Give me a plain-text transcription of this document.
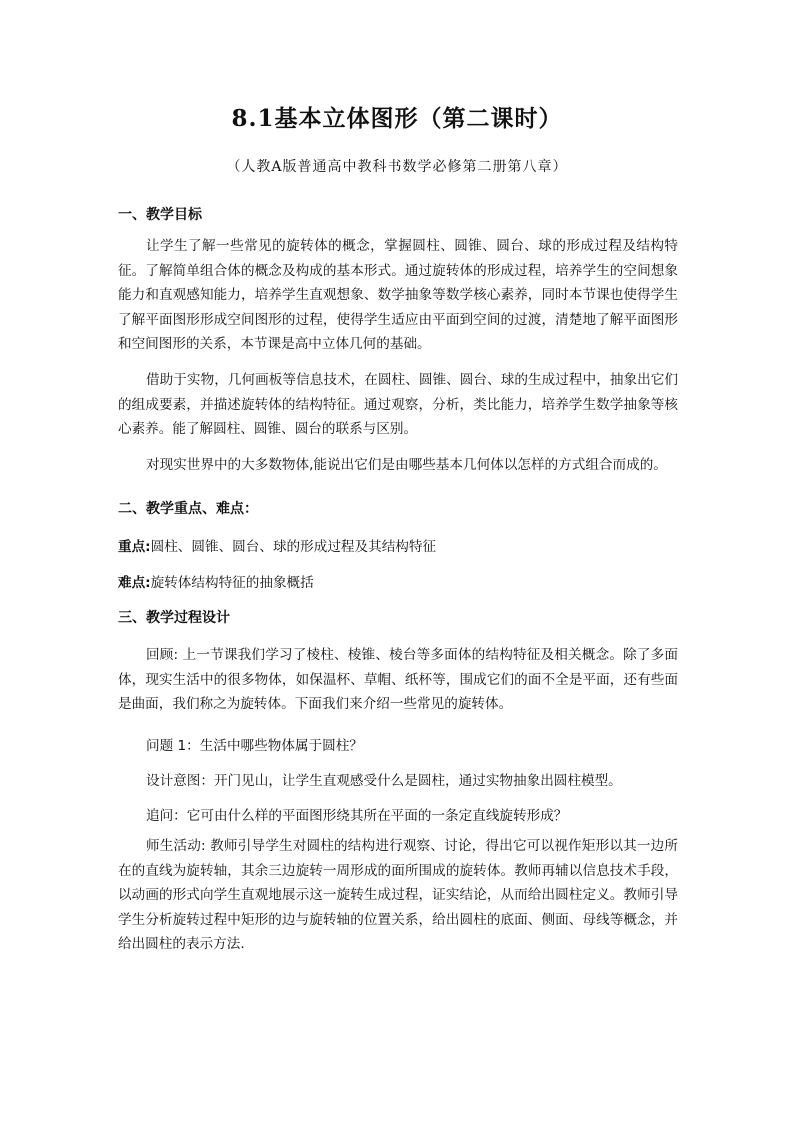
8.1基本立体图形（第二课时）
（人教A版普通高中教科书数学必修第二册第八章）
一、教学目标
让学生了解一些常见的旋转体的概念，掌握圆柱、圆锥、圆台、球的形成过程及结构特征。了解简单组合体的概念及构成的基本形式。通过旋转体的形成过程，培养学生的空间想象能力和直观感知能力，培养学生直观想象、数学抽象等数学核心素养，同时本节课也使得学生了解平面图形形成空间图形的过程，使得学生适应由平面到空间的过渡，清楚地了解平面图形和空间图形的关系，本节课是高中立体几何的基础。
借助于实物，几何画板等信息技术，在圆柱、圆锥、圆台、球的生成过程中，抽象出它们的组成要素，并描述旋转体的结构特征。通过观察，分析，类比能力，培养学生数学抽象等核心素养。能了解圆柱、圆锥、圆台的联系与区别。
对现实世界中的大多数物体,能说出它们是由哪些基本几何体以怎样的方式组合而成的。
二、教学重点、难点：
重点:圆柱、圆锥、圆台、球的形成过程及其结构特征
难点:旋转体结构特征的抽象概括
三、教学过程设计
回顾: 上一节课我们学习了棱柱、棱锥、棱台等多面体的结构特征及相关概念。除了多面体，现实生活中的很多物体，如保温杯、草帽、纸杯等，围成它们的面不全是平面，还有些面是曲面，我们称之为旋转体。下面我们来介绍一些常见的旋转体。
问题 1：生活中哪些物体属于圆柱？
设计意图：开门见山，让学生直观感受什么是圆柱，通过实物抽象出圆柱模型。
追问：它可由什么样的平面图形绕其所在平面的一条定直线旋转形成？
师生活动: 教师引导学生对圆柱的结构进行观察、讨论，得出它可以视作矩形以其一边所在的直线为旋转轴，其余三边旋转一周形成的面所围成的旋转体。教师再辅以信息技术手段，以动画的形式向学生直观地展示这一旋转生成过程，证实结论，从而给出圆柱定义。教师引导学生分析旋转过程中矩形的边与旋转轴的位置关系，给出圆柱的底面、侧面、母线等概念，并给出圆柱的表示方法.
